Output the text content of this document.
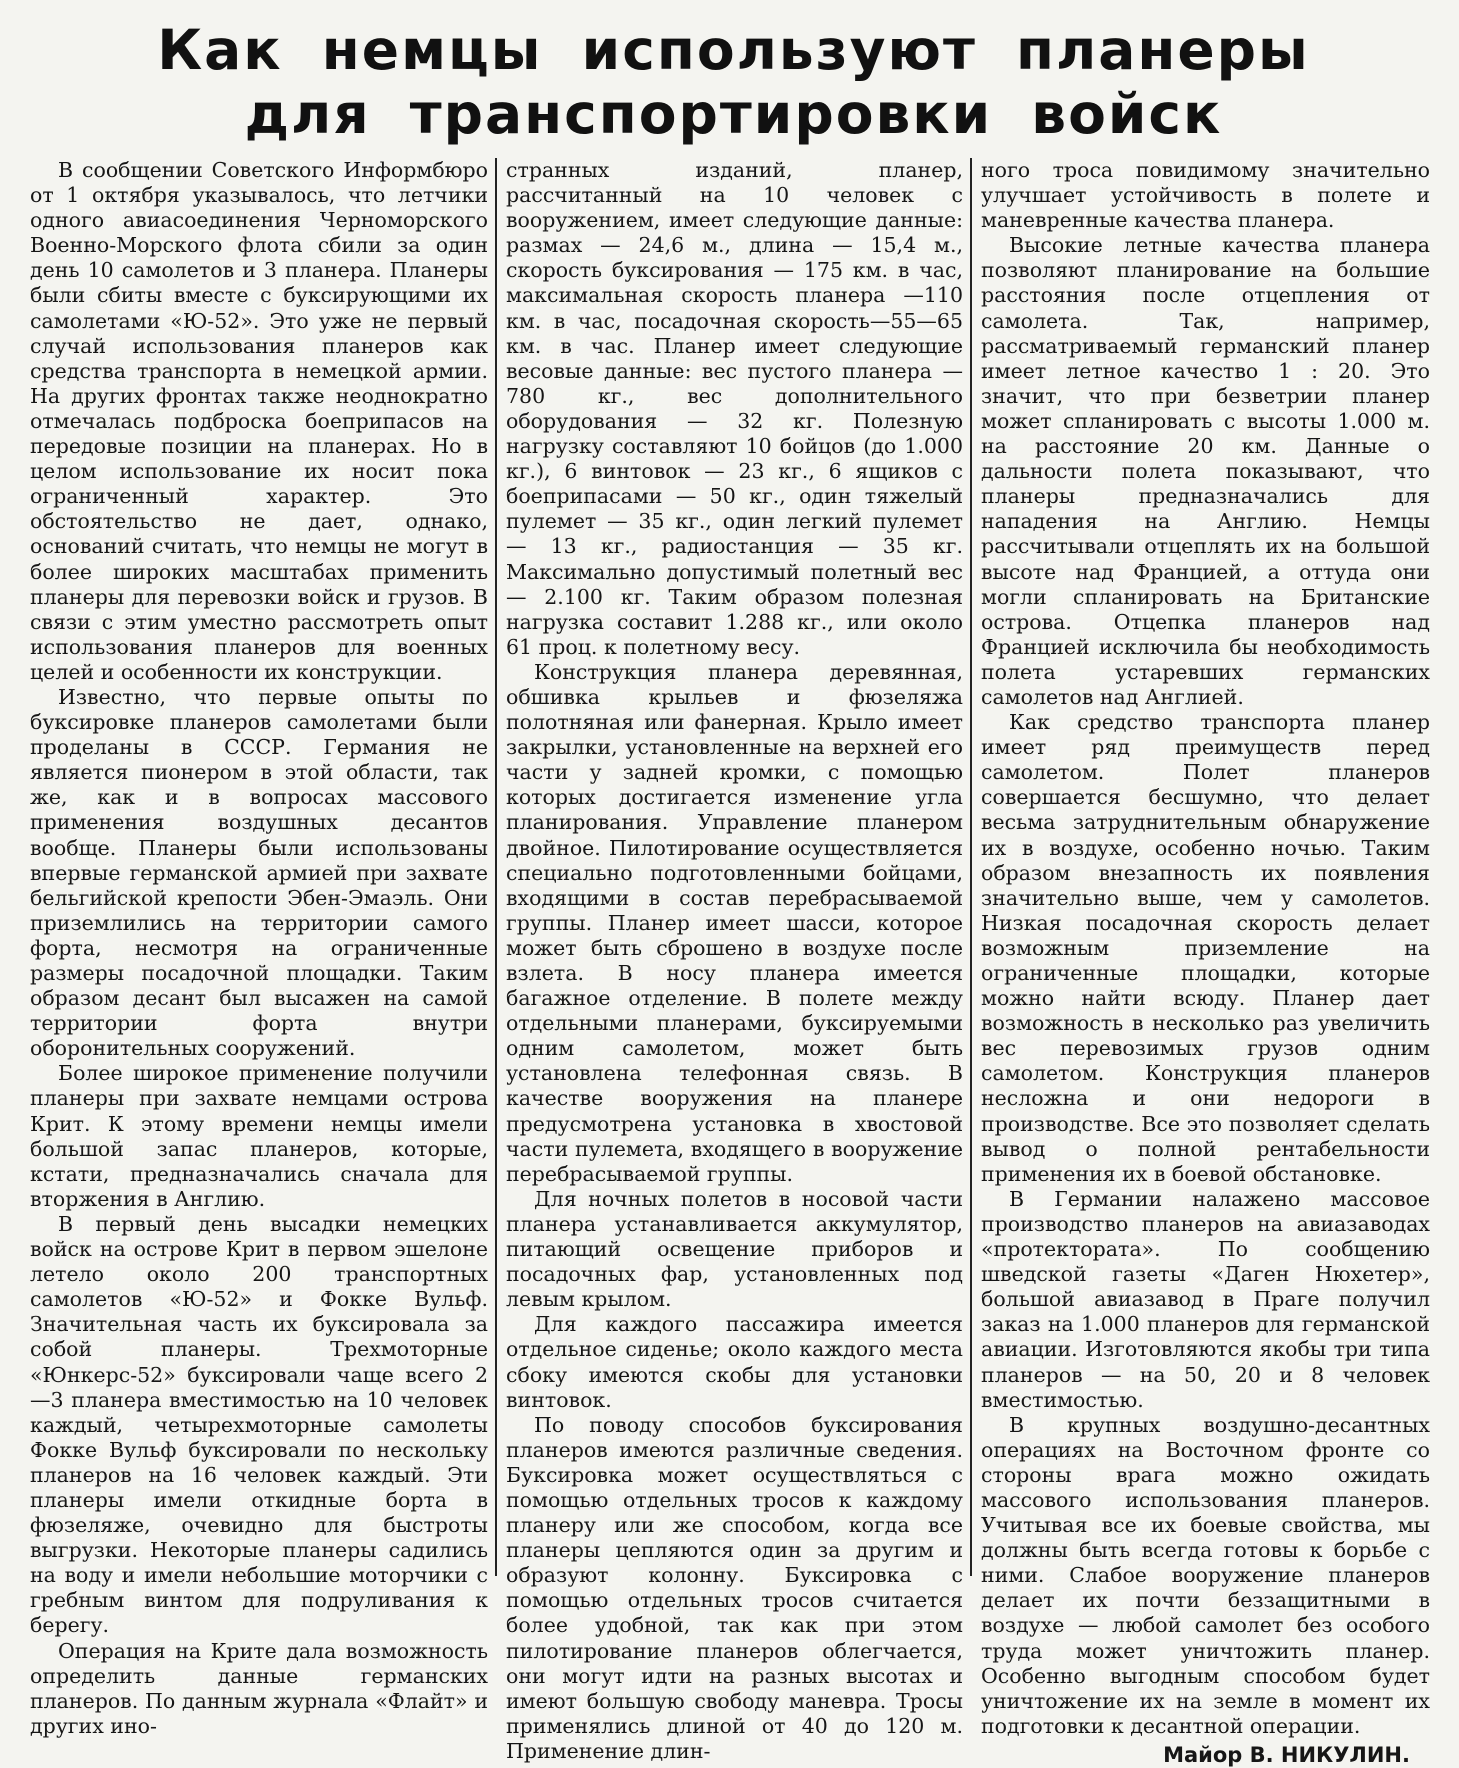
Как немцы используют планеры
для транспортировки войск

В сообщении Советского Информбюро от 1 октября указывалось, что летчики одного авиасоединения Черноморского Военно-Морского флота сбили за один день 10 самолетов и 3 планера. Планеры были сбиты вместе с буксирующими их самолетами «Ю-52». Это уже не первый случай использования планеров как средства транспорта в немецкой армии. На других фронтах также неоднократно отмечалась подброска боеприпасов на передовые позиции на планерах. Но в целом использование их носит пока ограниченный характер. Это обстоятельство не дает, однако, оснований считать, что немцы не могут в более широких масштабах применить планеры для перевозки войск и грузов. В связи с этим уместно рассмотреть опыт использования планеров для военных целей и особенности их конструкции.

Известно, что первые опыты по буксировке планеров самолетами были проделаны в СССР. Германия не является пионером в этой области, так же, как и в вопросах массового применения воздушных десантов вообще. Планеры были использованы впервые германской армией при захвате бельгийской крепости Эбен-Эмаэль. Они приземлились на территории самого форта, несмотря на ограниченные размеры посадочной площадки. Таким образом десант был высажен на самой территории форта внутри оборонительных сооружений.

Более широкое применение получили планеры при захвате немцами острова Крит. К этому времени немцы имели большой запас планеров, которые, кстати, предназначались сначала для вторжения в Англию.

В первый день высадки немецких войск на острове Крит в первом эшелоне летело около 200 транспортных самолетов «Ю-52» и Фокке Вульф. Значительная часть их буксировала за собой планеры. Трехмоторные «Юнкерс-52» буксировали чаще всего 2—3 планера вместимостью на 10 человек каждый, четырехмоторные самолеты Фокке Вульф буксировали по нескольку планеров на 16 человек каждый. Эти планеры имели откидные борта в фюзеляже, очевидно для быстроты выгрузки. Некоторые планеры садились на воду и имели небольшие моторчики с гребным винтом для подруливания к берегу.

Операция на Крите дала возможность определить данные германских планеров. По данным журнала «Флайт» и других ино-

странных изданий, планер, рассчитанный на 10 человек с вооружением, имеет следующие данные: размах — 24,6 м., длина — 15,4 м., скорость буксирования — 175 км. в час, максимальная скорость планера —110 км. в час, посадочная скорость—55—65 км. в час. Планер имеет следующие весовые данные: вес пустого планера — 780 кг., вес дополнительного оборудования — 32 кг. Полезную нагрузку составляют 10 бойцов (до 1.000 кг.), 6 винтовок — 23 кг., 6 ящиков с боеприпасами — 50 кг., один тяжелый пулемет — 35 кг., один легкий пулемет — 13 кг., радиостанция — 35 кг. Максимально допустимый полетный вес — 2.100 кг. Таким образом полезная нагрузка составит 1.288 кг., или около 61 проц. к полетному весу.

Конструкция планера деревянная, обшивка крыльев и фюзеляжа полотняная или фанерная. Крыло имеет закрылки, установленные на верхней его части у задней кромки, с помощью которых достигается изменение угла планирования. Управление планером двойное. Пилотирование осуществляется специально подготовленными бойцами, входящими в состав перебрасываемой группы. Планер имеет шасси, которое может быть сброшено в воздухе после взлета. В носу планера имеется багажное отделение. В полете между отдельными планерами, буксируемыми одним самолетом, может быть установлена телефонная связь. В качестве вооружения на планере предусмотрена установка в хвостовой части пулемета, входящего в вооружение перебрасываемой группы.

Для ночных полетов в носовой части планера устанавливается аккумулятор, питающий освещение приборов и посадочных фар, установленных под левым крылом.

Для каждого пассажира имеется отдельное сиденье; около каждого места сбоку имеются скобы для установки винтовок.

По поводу способов буксирования планеров имеются различные сведения. Буксировка может осуществляться с помощью отдельных тросов к каждому планеру или же способом, когда все планеры цепляются один за другим и образуют колонну. Буксировка с помощью отдельных тросов считается более удобной, так как при этом пилотирование планеров облегчается, они могут идти на разных высотах и имеют большую свободу маневра. Тросы применялись длиной от 40 до 120 м. Применение длин-

ного троса повидимому значительно улучшает устойчивость в полете и маневренные качества планера.

Высокие летные качества планера позволяют планирование на большие расстояния после отцепления от самолета. Так, например, рассматриваемый германский планер имеет летное качество 1 : 20. Это значит, что при безветрии планер может спланировать с высоты 1.000 м. на расстояние 20 км. Данные о дальности полета показывают, что планеры предназначались для нападения на Англию. Немцы рассчитывали отцеплять их на большой высоте над Францией, а оттуда они могли спланировать на Британские острова. Отцепка планеров над Францией исключила бы необходимость полета устаревших германских самолетов над Англией.

Как средство транспорта планер имеет ряд преимуществ перед самолетом. Полет планеров совершается бесшумно, что делает весьма затруднительным обнаружение их в воздухе, особенно ночью. Таким образом внезапность их появления значительно выше, чем у самолетов. Низкая посадочная скорость делает возможным приземление на ограниченные площадки, которые можно найти всюду. Планер дает возможность в несколько раз увеличить вес перевозимых грузов одним самолетом. Конструкция планеров несложна и они недороги в производстве. Все это позволяет сделать вывод о полной рентабельности применения их в боевой обстановке.

В Германии налажено массовое производство планеров на авиазаводах «протектората». По сообщению шведской газеты «Даген Нюхетер», большой авиазавод в Праге получил заказ на 1.000 планеров для германской авиации. Изготовляются якобы три типа планеров — на 50, 20 и 8 человек вместимостью.

В крупных воздушно-десантных операциях на Восточном фронте со стороны врага можно ожидать массового использования планеров. Учитывая все их боевые свойства, мы должны быть всегда готовы к борьбе с ними. Слабое вооружение планеров делает их почти беззащитными в воздухе — любой самолет без особого труда может уничтожить планер. Особенно выгодным способом будет уничтожение их на земле в момент их подготовки к десантной операции.

Майор В. НИКУЛИН.
